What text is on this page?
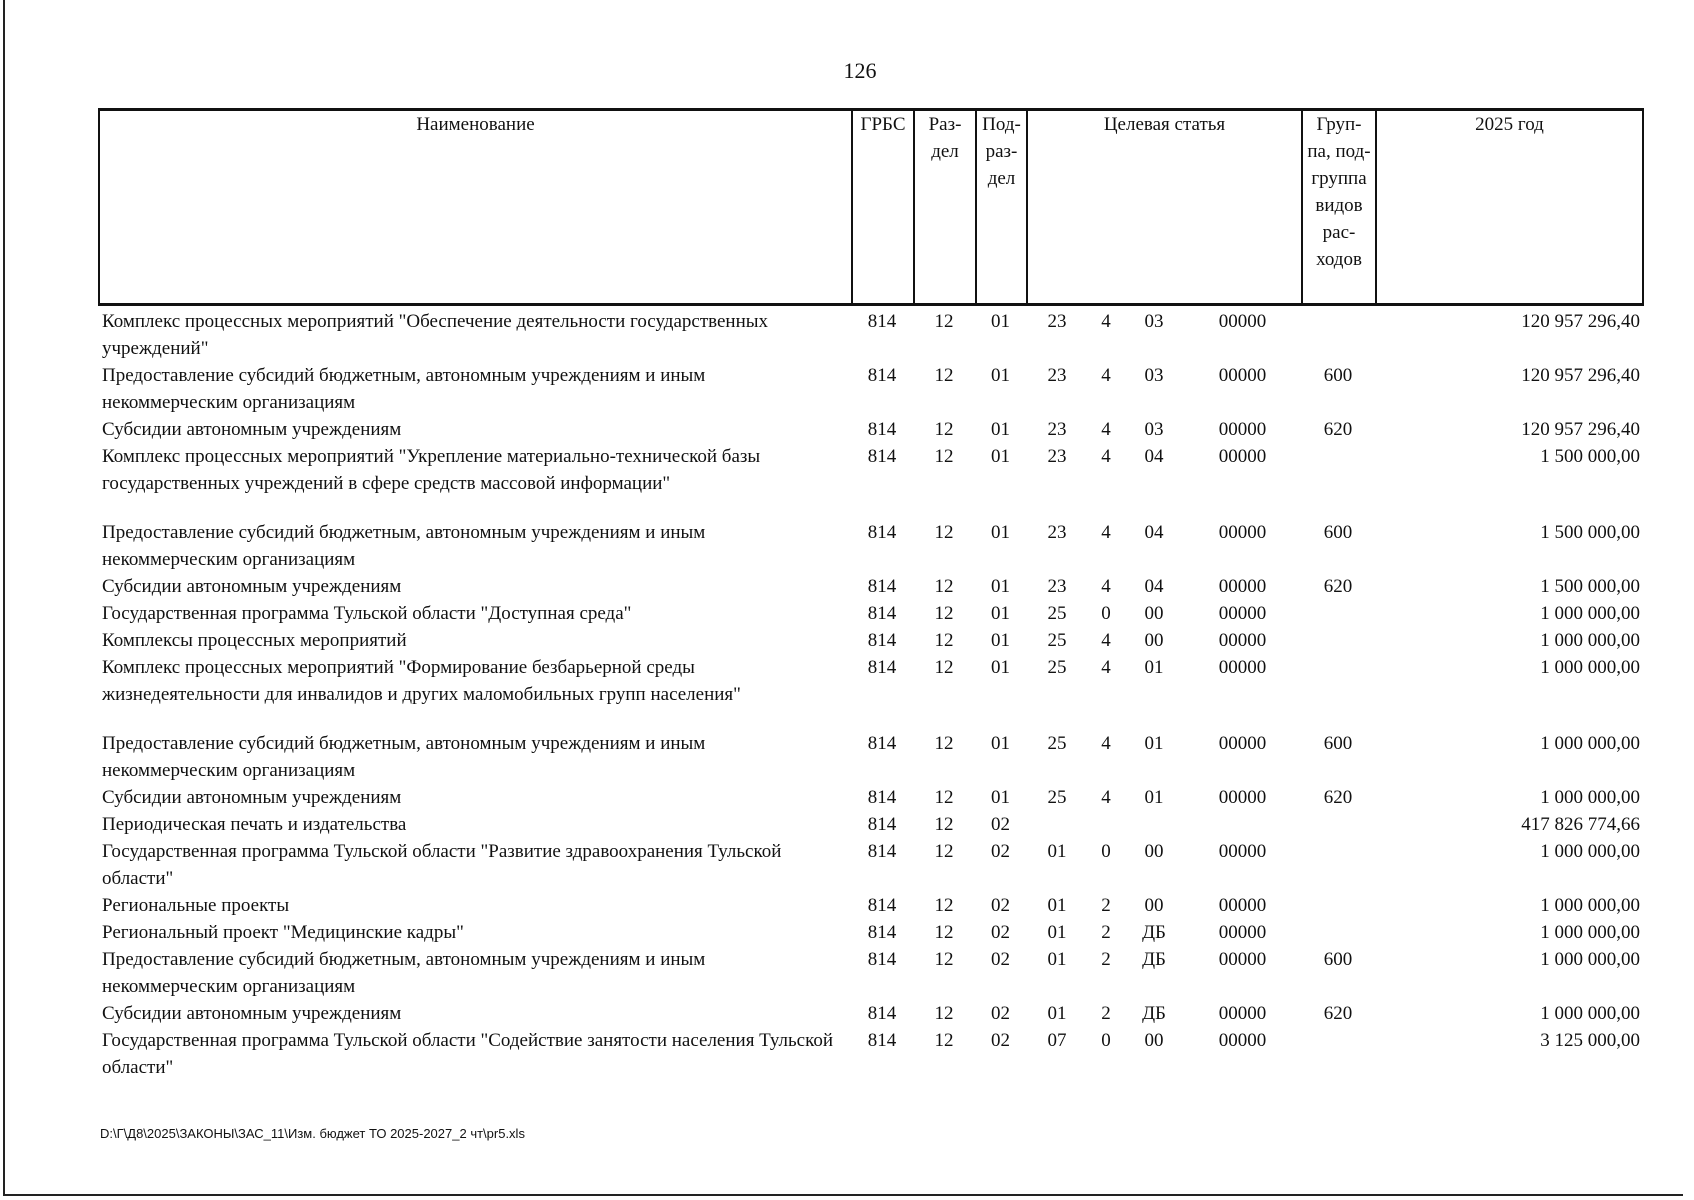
126
Наименование	ГРБС	Раз-
дел	Под-
раз-
дел	Целевая статья	Груп-
па, под-
группа
видов
рас-
ходов	2025 год
Комплекс процессных мероприятий "Обеспечение деятельности государственных учреждений"	814	12	01	23	4	03	00000		120 957 296,40
Предоставление субсидий бюджетным, автономным учреждениям и иным некоммерческим организациям	814	12	01	23	4	03	00000	600	120 957 296,40
Субсидии автономным учреждениям	814	12	01	23	4	03	00000	620	120 957 296,40
Комплекс процессных мероприятий "Укрепление материально-технической базы государственных учреждений в сфере средств массовой информации"	814	12	01	23	4	04	00000		1 500 000,00
Предоставление субсидий бюджетным, автономным учреждениям и иным некоммерческим организациям	814	12	01	23	4	04	00000	600	1 500 000,00
Субсидии автономным учреждениям	814	12	01	23	4	04	00000	620	1 500 000,00
Государственная программа Тульской области "Доступная среда"	814	12	01	25	0	00	00000		1 000 000,00
Комплексы процессных мероприятий	814	12	01	25	4	00	00000		1 000 000,00
Комплекс процессных мероприятий "Формирование безбарьерной среды жизнедеятельности для инвалидов и других маломобильных групп населения"	814	12	01	25	4	01	00000		1 000 000,00
Предоставление субсидий бюджетным, автономным учреждениям и иным некоммерческим организациям	814	12	01	25	4	01	00000	600	1 000 000,00
Субсидии автономным учреждениям	814	12	01	25	4	01	00000	620	1 000 000,00
Периодическая печать и издательства	814	12	02						417 826 774,66
Государственная программа Тульской области "Развитие здравоохранения Тульской области"	814	12	02	01	0	00	00000		1 000 000,00
Региональные проекты	814	12	02	01	2	00	00000		1 000 000,00
Региональный проект "Медицинские кадры"	814	12	02	01	2	ДБ	00000		1 000 000,00
Предоставление субсидий бюджетным, автономным учреждениям и иным некоммерческим организациям	814	12	02	01	2	ДБ	00000	600	1 000 000,00
Субсидии автономным учреждениям	814	12	02	01	2	ДБ	00000	620	1 000 000,00
Государственная программа Тульской области "Содействие занятости населения Тульской области"	814	12	02	07	0	00	00000		3 125 000,00
D:\Г\Д8\2025\ЗАКОНЫ\ЗАС_11\Изм. бюджет ТО 2025-2027_2 чт\pr5.xls
